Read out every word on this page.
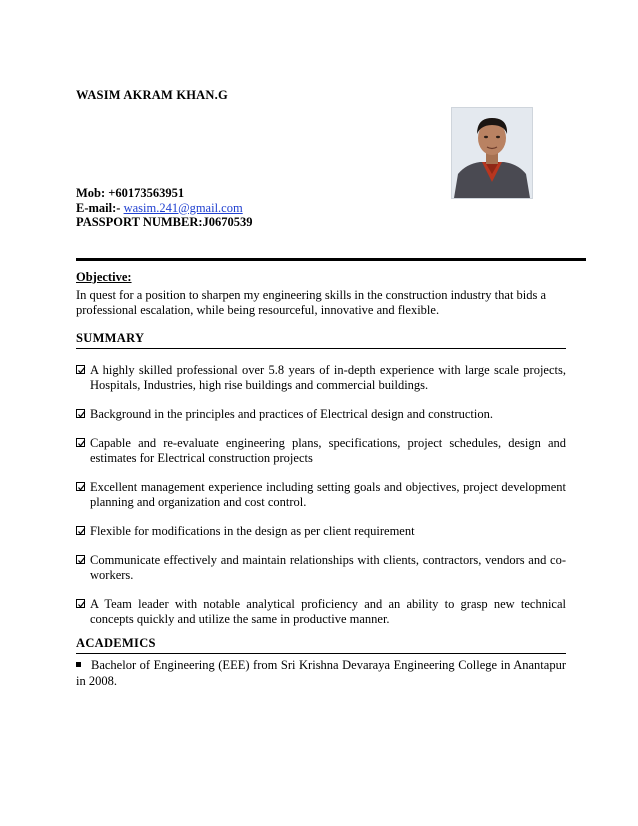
WASIM AKRAM KHAN.G
Mob: +60173563951
E-mail:- wasim.241@gmail.com
PASSPORT NUMBER:J0670539
Objective:
In quest for a position to sharpen my engineering skills in the construction industry that bids a professional escalation, while being resourceful, innovative and flexible.
SUMMARY
A highly skilled professional over 5.8 years of in-depth experience with large scale projects, Hospitals, Industries, high rise buildings and commercial buildings.
Background in the principles and practices of Electrical design and construction.
Capable and re-evaluate engineering plans, specifications, project schedules, design and estimates for Electrical construction projects
Excellent management experience including setting goals and objectives, project development planning and organization and cost control.
Flexible for modifications in the design as per client requirement
Communicate effectively and maintain relationships with clients, contractors, vendors and co-workers.
A Team leader with notable analytical proficiency and an ability to grasp new technical concepts quickly and utilize the same in productive manner.
ACADEMICS
Bachelor of Engineering (EEE) from Sri Krishna Devaraya Engineering College in Anantapur in 2008.
